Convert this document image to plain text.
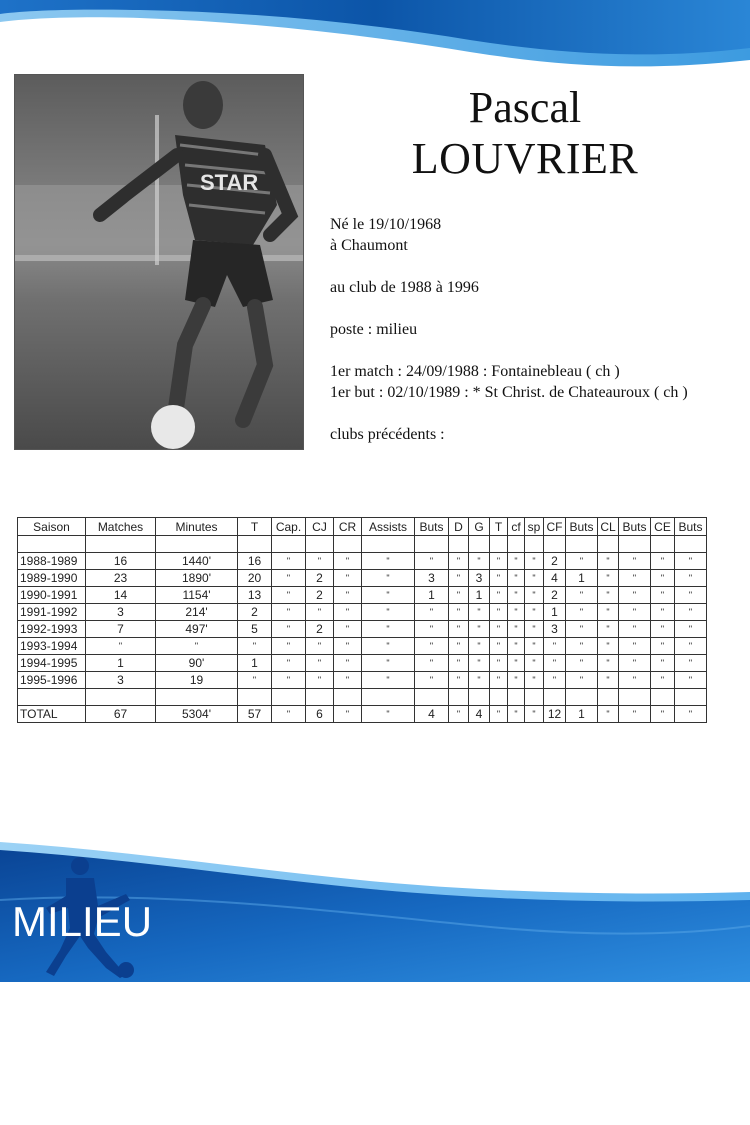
STAR
Pascal
LOUVRIER
Né le 19/10/1968
à Chaumont
au club de 1988 à 1996
poste : milieu
1er match : 24/09/1988 : Fontainebleau ( ch )
1er but : 02/10/1989 : * St Christ. de Chateauroux ( ch )
clubs précédents :
Saison	Matches	Minutes	T	Cap.	CJ	CR	Assists	Buts	D	G	T	cf	sp	CF	Buts	CL	Buts	CE	Buts

1988-1989	16	1440'	16	"	"	"	"	"	"	"	"	"	"	2	"	"	"	"	"
1989-1990	23	1890'	20	"	2	"	"	3	"	3	"	"	"	4	1	"	"	"	"
1990-1991	14	1154'	13	"	2	"	"	1	"	1	"	"	"	2	"	"	"	"	"
1991-1992	3	214'	2	"	"	"	"	"	"	"	"	"	"	1	"	"	"	"	"
1992-1993	7	497'	5	"	2	"	"	"	"	"	"	"	"	3	"	"	"	"	"
1993-1994	"	"	"	"	"	"	"	"	"	"	"	"	"	"	"	"	"	"	"
1994-1995	1	90'	1	"	"	"	"	"	"	"	"	"	"	"	"	"	"	"	"
1995-1996	3	19	"	"	"	"	"	"	"	"	"	"	"	"	"	"	"	"	"

TOTAL	67	5304'	57	"	6	"	"	4	"	4	"	"	"	12	1	"	"	"	"
MILIEU
